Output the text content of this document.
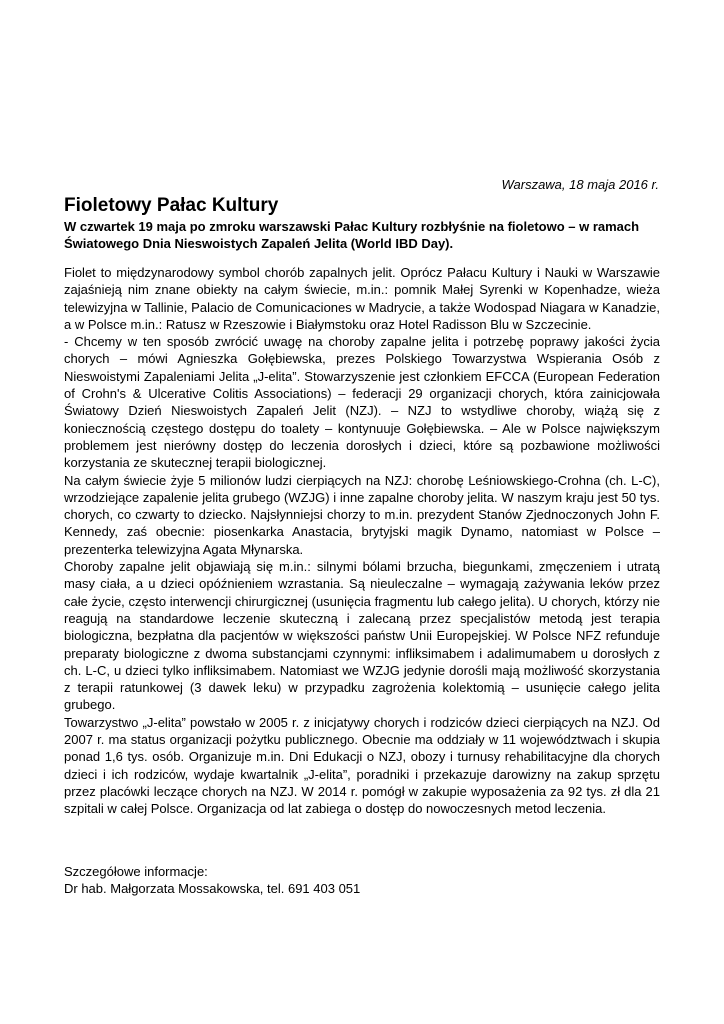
Warszawa, 18 maja 2016 r.
Fioletowy Pałac Kultury

W czwartek 19 maja po zmroku warszawski Pałac Kultury rozbłyśnie na fioletowo – w ramach Światowego Dnia Nieswoistych Zapaleń Jelita (World IBD Day).

Fiolet to międzynarodowy symbol chorób zapalnych jelit. Oprócz Pałacu Kultury i Nauki w Warszawie zajaśnieją nim znane obiekty na całym świecie, m.in.: pomnik Małej Syrenki w Kopenhadze, wieża telewizyjna w Tallinie, Palacio de Comunicaciones w Madrycie, a także Wodospad Niagara w Kanadzie, a w Polsce m.in.: Ratusz w Rzeszowie i Białymstoku oraz Hotel Radisson Blu w Szczecinie.

- Chcemy w ten sposób zwrócić uwagę na choroby zapalne jelita i potrzebę poprawy jakości życia chorych – mówi Agnieszka Gołębiewska, prezes Polskiego Towarzystwa Wspierania Osób z Nieswoistymi Zapaleniami Jelita „J-elita”. Stowarzyszenie jest członkiem EFCCA (European Federation of Crohn's & Ulcerative Colitis Associations) – federacji 29 organizacji chorych, która zainicjowała Światowy Dzień Nieswoistych Zapaleń Jelit (NZJ). – NZJ to wstydliwe choroby, wiążą się z koniecznością częstego dostępu do toalety – kontynuuje Gołębiewska. – Ale w Polsce największym problemem jest nierówny dostęp do leczenia dorosłych i dzieci, które są pozbawione możliwości korzystania ze skutecznej terapii biologicznej.

Na całym świecie żyje 5 milionów ludzi cierpiących na NZJ: chorobę Leśniowskiego-Crohna (ch. L-C), wrzodziejące zapalenie jelita grubego (WZJG) i inne zapalne choroby jelita. W naszym kraju jest 50 tys. chorych, co czwarty to dziecko. Najsłynniejsi chorzy to m.in. prezydent Stanów Zjednoczonych John F. Kennedy, zaś obecnie: piosenkarka Anastacia, brytyjski magik Dynamo, natomiast w Polsce – prezenterka telewizyjna Agata Młynarska.

Choroby zapalne jelit objawiają się m.in.: silnymi bólami brzucha, biegunkami, zmęczeniem i utratą masy ciała, a u dzieci opóźnieniem wzrastania. Są nieuleczalne – wymagają zażywania leków przez całe życie, często interwencji chirurgicznej (usunięcia fragmentu lub całego jelita). U chorych, którzy nie reagują na standardowe leczenie skuteczną i zalecaną przez specjalistów metodą jest terapia biologiczna, bezpłatna dla pacjentów w większości państw Unii Europejskiej. W Polsce NFZ refunduje preparaty biologiczne z dwoma substancjami czynnymi: infliksimabem i adalimumabem u dorosłych z ch. L-C, u dzieci tylko infliksimabem. Natomiast we WZJG jedynie dorośli mają możliwość skorzystania z terapii ratunkowej (3 dawek leku) w przypadku zagrożenia kolektomią – usunięcie całego jelita grubego.

Towarzystwo „J-elita” powstało w 2005 r. z inicjatywy chorych i rodziców dzieci cierpiących na NZJ. Od 2007 r. ma status organizacji pożytku publicznego. Obecnie ma oddziały w 11 województwach i skupia ponad 1,6 tys. osób. Organizuje m.in. Dni Edukacji o NZJ, obozy i turnusy rehabilitacyjne dla chorych dzieci i ich rodziców, wydaje kwartalnik „J-elita”, poradniki i przekazuje darowizny na zakup sprzętu przez placówki leczące chorych na NZJ. W 2014 r. pomógł w zakupie wyposażenia za 92 tys. zł dla 21 szpitali w całej Polsce. Organizacja od lat zabiega o dostęp do nowoczesnych metod leczenia.

Szczegółowe informacje:

Dr hab. Małgorzata Mossakowska, tel. 691 403 051
